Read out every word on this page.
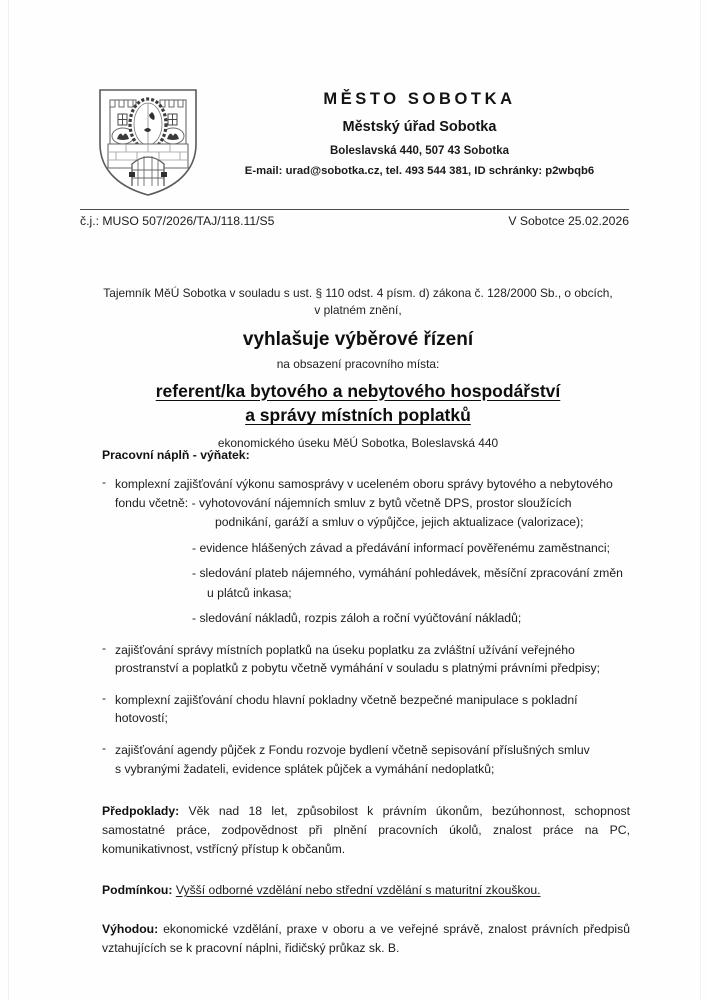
MĚSTO SOBOTKA
Městský úřad Sobotka
Boleslavská 440, 507 43 Sobotka
E-mail: urad@sobotka.cz, tel. 493 544 381, ID schránky: p2wbqb6
č.j.: MUSO 507/2026/TAJ/118.11/S5	V Sobotce 25.02.2026
Tajemník MěÚ Sobotka v souladu s ust. § 110 odst. 4 písm. d) zákona č. 128/2000 Sb., o obcích,
v platném znění,
vyhlašuje výběrové řízení
na obsazení pracovního místa:
referent/ka bytového a nebytového hospodářství
a správy místních poplatků
ekonomického úseku MěÚ Sobotka, Boleslavská 440
Pracovní náplň - výňatek:
- komplexní zajišťování výkonu samosprávy v uceleném oboru správy bytového a nebytového
fondu včetně: - vyhotovování nájemních smluv z bytů včetně DPS, prostor sloužících
podnikání, garáží a smluv o výpůjčce, jejich aktualizace (valorizace);
- evidence hlášených závad a předávání informací pověřenému zaměstnanci;
- sledování plateb nájemného, vymáhání pohledávek, měsíční zpracování změn
u plátců inkasa;
- sledování nákladů, rozpis záloh a roční vyúčtování nákladů;
- zajišťování správy místních poplatků na úseku poplatku za zvláštní užívání veřejného
prostranství a poplatků z pobytu včetně vymáhání v souladu s platnými právními předpisy;
- komplexní zajišťování chodu hlavní pokladny včetně bezpečné manipulace s pokladní
hotovostí;
- zajišťování agendy půjček z Fondu rozvoje bydlení včetně sepisování příslušných smluv
s vybranými žadateli, evidence splátek půjček a vymáhání nedoplatků;
Předpoklady: Věk nad 18 let, způsobilost k právním úkonům, bezúhonnost, schopnost samostatné práce, zodpovědnost při plnění pracovních úkolů, znalost práce na PC, komunikativnost, vstřícný přístup k občanům.
Podmínkou: Vyšší odborné vzdělání nebo střední vzdělání s maturitní zkouškou.
Výhodou: ekonomické vzdělání, praxe v oboru a ve veřejné správě, znalost právních předpisů vztahujících se k pracovní náplni, řidičský průkaz sk. B.
